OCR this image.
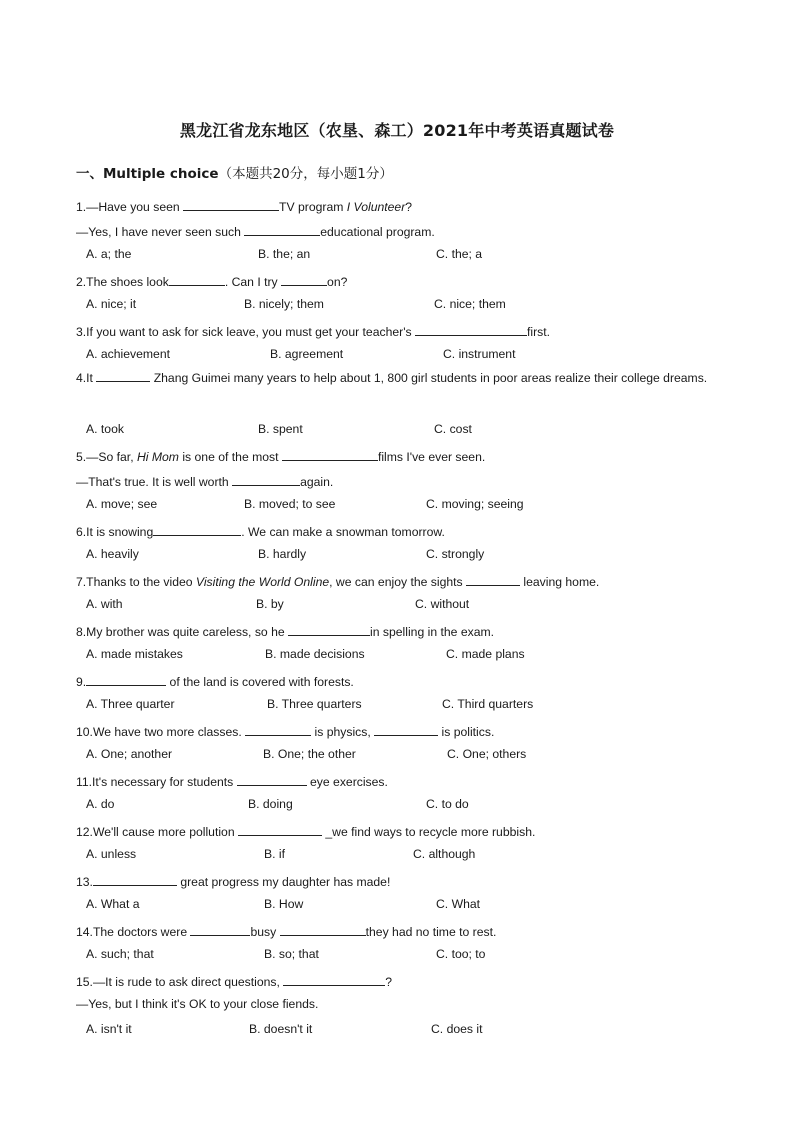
黑龙江省龙东地区（农垦、森工）2021年中考英语真题试卷
一、Multiple choice（本题共20分，每小题1分）
1.—Have you seen	TV program I Volunteer?
—Yes, I have never seen such	educational program.
A. a; the	B. the; an	C. the; a
2.The shoes look	. Can I try	on?
A. nice; it	B. nicely; them	C. nice; them
3.If you want to ask for sick leave, you must get your teacher's	first.
A. achievement	B. agreement	C. instrument
4.It	Zhang Guimei many years to help about 1, 800 girl students in poor areas realize their college dreams.
A. took	B. spent	C. cost
5.—So far, Hi Mom is one of the most	films I've ever seen.
—That's true. It is well worth	again.
A. move; see	B. moved; to see	C. moving; seeing
6.It is snowing	. We can make a snowman tomorrow.
A. heavily	B. hardly	C. strongly
7.Thanks to the video Visiting the World Online, we can enjoy the sights	leaving home.
A. with	B. by	C. without
8.My brother was quite careless, so he	in spelling in the exam.
A. made mistakes	B. made decisions	C. made plans
9.	of the land is covered with forests.
A. Three quarter	B. Three quarters	C. Third quarters
10.We have two more classes.	is physics,	is politics.
A. One; another	B. One; the other	C. One; others
11.It's necessary for students	eye exercises.
A. do	B. doing	C. to do
12.We'll cause more pollution	_we find ways to recycle more rubbish.
A. unless	B. if	C. although
13.	great progress my daughter has made!
A. What a	B. How	C. What
14.The doctors were	busy	they had no time to rest.
A. such; that	B. so; that	C. too; to
15.—It is rude to ask direct questions,	?
—Yes, but I think it's OK to your close fiends.
A. isn't it	B. doesn't it	C. does it
